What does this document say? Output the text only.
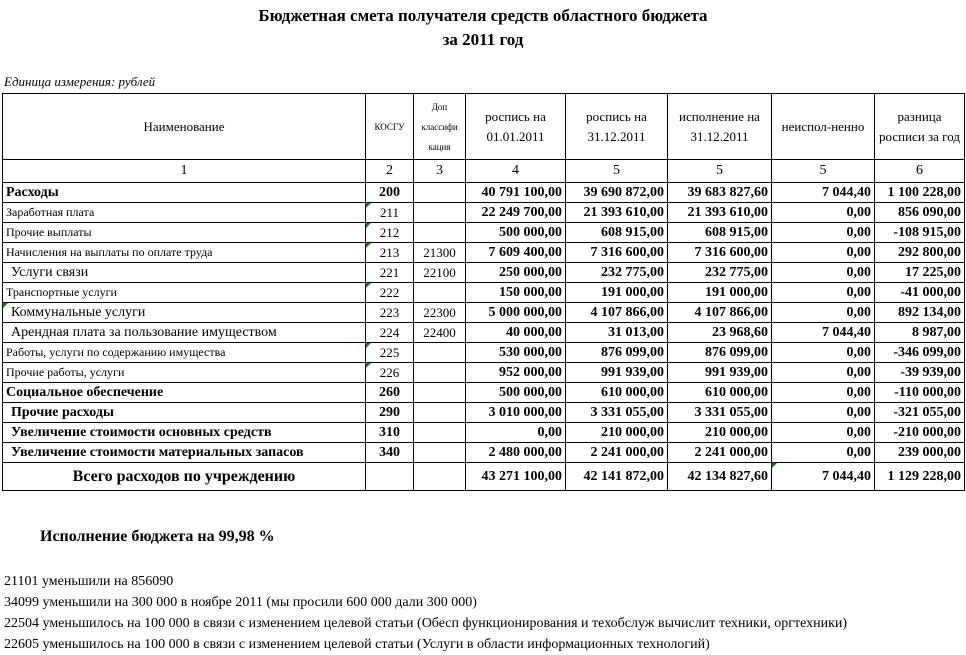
Бюджетная смета получателя средств областного бюджета
за 2011 год
Единица измерения: рублей
Наименование	КОСГУ	Доп классифи кация	роспись на 01.01.2011	роспись на 31.12.2011	исполнение на 31.12.2011	неиспол-ненно	разница росписи за год
1	2	3	4	5	5	5	6
Расходы	200		40 791 100,00	39 690 872,00	39 683 827,60	7 044,40	1 100 228,00
Заработная плата	211		22 249 700,00	21 393 610,00	21 393 610,00	0,00	856 090,00
Прочие выплаты	212		500 000,00	608 915,00	608 915,00	0,00	-108 915,00
Начисления на выплаты по оплате труда	213	21300	7 609 400,00	7 316 600,00	7 316 600,00	0,00	292 800,00
Услуги связи	221	22100	250 000,00	232 775,00	232 775,00	0,00	17 225,00
Транспортные услуги	222		150 000,00	191 000,00	191 000,00	0,00	-41 000,00

Коммунальные услуги	223	22300	5 000 000,00	4 107 866,00	4 107 866,00	0,00	892 134,00
Арендная плата за пользование имуществом	224	22400	40 000,00	31 013,00	23 968,60	7 044,40	8 987,00
Работы, услуги по содержанию имущества	225		530 000,00	876 099,00	876 099,00	0,00	-346 099,00
Прочие работы, услуги	226		952 000,00	991 939,00	991 939,00	0,00	-39 939,00
Социальное обеспечение	260		500 000,00	610 000,00	610 000,00	0,00	-110 000,00
Прочие расходы	290		3 010 000,00	3 331 055,00	3 331 055,00	0,00	-321 055,00
Увеличение стоимости основных средств	310		0,00	210 000,00	210 000,00	0,00	-210 000,00
Увеличение стоимости материальных запасов	340		2 480 000,00	2 241 000,00	2 241 000,00	0,00	239 000,00
Всего расходов по учреждению			43 271 100,00	42 141 872,00	42 134 827,60	7 044,40	1 129 228,00
Исполнение бюджета на 99,98 %
21101 уменьшили на 856090
34099 уменьшили на 300 000 в ноябре 2011 (мы просили 600 000 дали 300 000)
22504 уменьшилось на 100 000 в связи с изменением целевой статьи (Обесп функционирования и техобслуж вычислит техники, оргтехники)
22605 уменьшилось на 100 000 в связи с изменением целевой статьи (Услуги в области информационных технологий)
